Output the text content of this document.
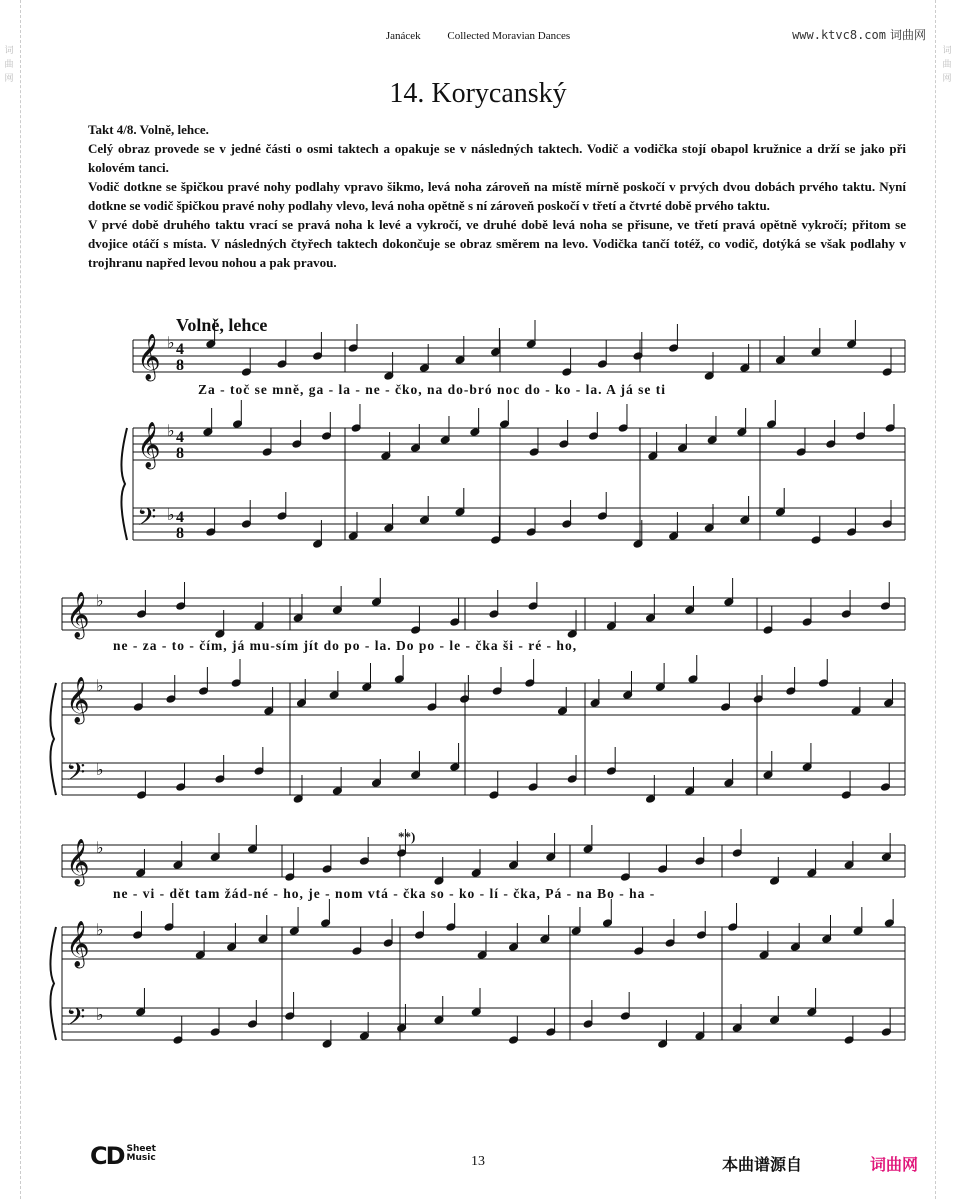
词
曲
网

词
曲
网

Janácek Collected Moravian Dances	www.ktvc8.com 词曲网
14. Korycanský

Takt 4/8. Volně, lehce.

Celý obraz provede se v jedné části o osmi taktech a opakuje se v následných taktech. Vodič a vodička stojí obapol kružnice a drží se jako při kolovém tanci.

Vodič dotkne se špičkou pravé nohy podlahy vpravo šikmo, levá noha zároveň na místě mírně poskočí v prvých dvou dobách prvého taktu. Nyní dotkne se vodič špičkou pravé nohy podlahy vlevo, levá noha opětně s ní zároveň poskočí v třetí a čtvrté době prvého taktu.

V prvé době druhého taktu vrací se pravá noha k levé a vykročí, ve druhé době levá noha se přisune, ve třetí pravá opětně vykročí; přitom se dvojice otáčí s místa. V následných čtyřech taktech dokončuje se obraz směrem na levo. Vodička tančí totéž, co vodič, dotýká se však podlahy v trojhranu napřed levou nohou a pak pravou.

Volně, lehce
𝄞 ♭
𝄞 ♭
𝄢 ♭
𝄞 ♭
𝄞 ♭
𝄢 ♭
𝄞 ♭
𝄞 ♭
𝄢 ♭
4
8
4
8
4
8
Za - toč se mně, ga - la - ne - čko, na do-bró noc do - ko - la. A já se ti
ne - za - to - čím, já mu-sím jít do po - la. Do po - le - čka ši - ré - ho,
ne - vi - dět tam žád-né - ho, je - nom vtá - čka so - ko - lí - čka, Pá - na Bo - ha -
**)
CD Sheet
Music	13	本曲谱源自	词曲网
